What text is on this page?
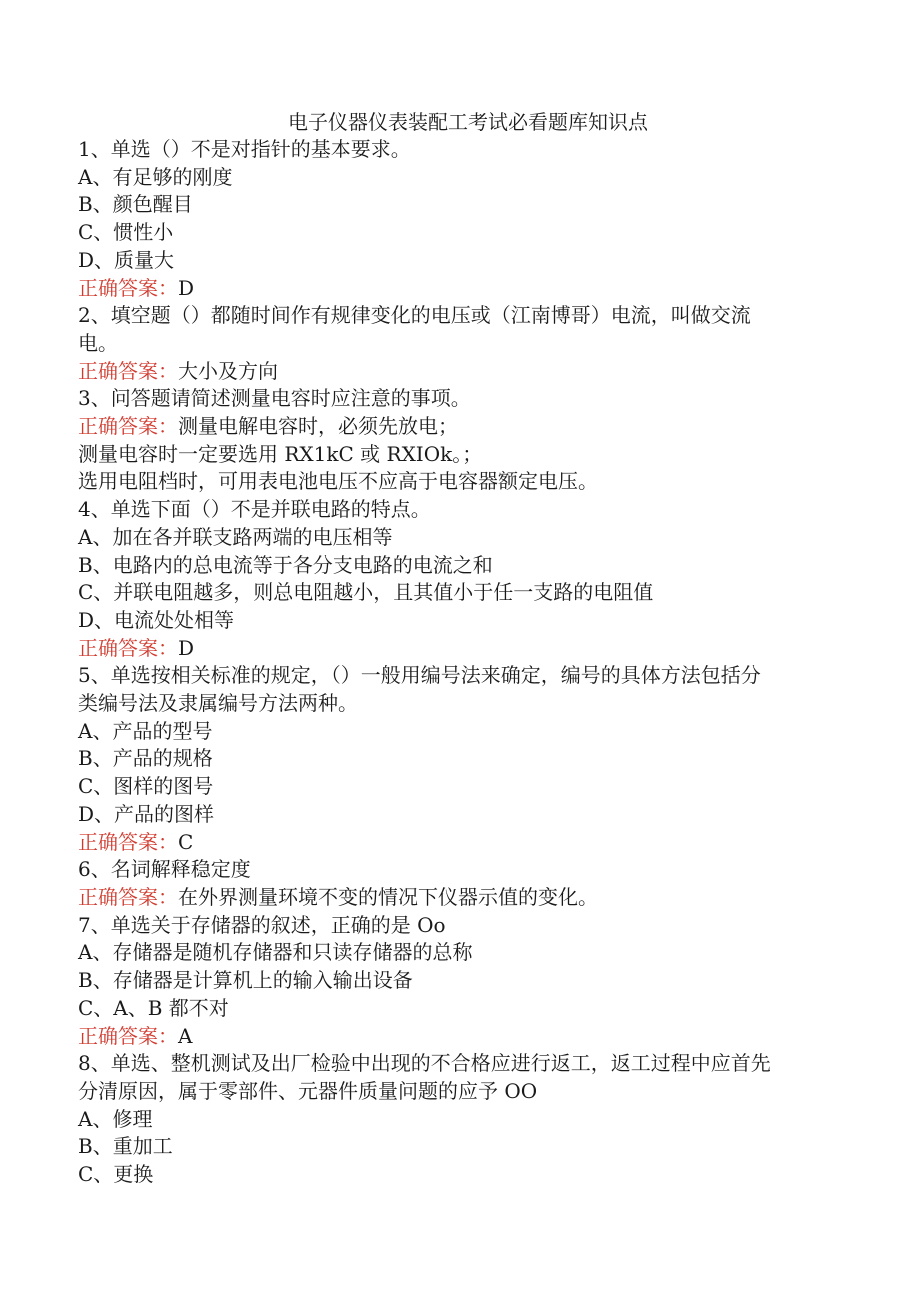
电子仪器仪表装配工考试必看题库知识点
1、单选（）不是对指针的基本要求。
A、有足够的刚度
B、颜色醒目
C、惯性小
D、质量大
正确答案：D
2、填空题（）都随时间作有规律变化的电压或（江南博哥）电流，叫做交流
电。
正确答案：大小及方向
3、问答题请简述测量电容时应注意的事项。
正确答案：测量电解电容时，必须先放电；
测量电容时一定要选用 RX1kC 或 RXIOk。；
选用电阻档时，可用表电池电压不应高于电容器额定电压。
4、单选下面（）不是并联电路的特点。
A、加在各并联支路两端的电压相等
B、电路内的总电流等于各分支电路的电流之和
C、并联电阻越多，则总电阻越小，且其值小于任一支路的电阻值
D、电流处处相等
正确答案：D
5、单选按相关标准的规定，（）一般用编号法来确定，编号的具体方法包括分
类编号法及隶属编号方法两种。
A、产品的型号
B、产品的规格
C、图样的图号
D、产品的图样
正确答案：C
6、名词解释稳定度
正确答案：在外界测量环境不变的情况下仪器示值的变化。
7、单选关于存储器的叙述，正确的是 Oo
A、存储器是随机存储器和只读存储器的总称
B、存储器是计算机上的输入输出设备
C、A、B 都不对
正确答案：A
8、单选、整机测试及出厂检验中出现的不合格应进行返工，返工过程中应首先
分清原因，属于零部件、元器件质量问题的应予 OO
A、修理
B、重加工
C、更换
